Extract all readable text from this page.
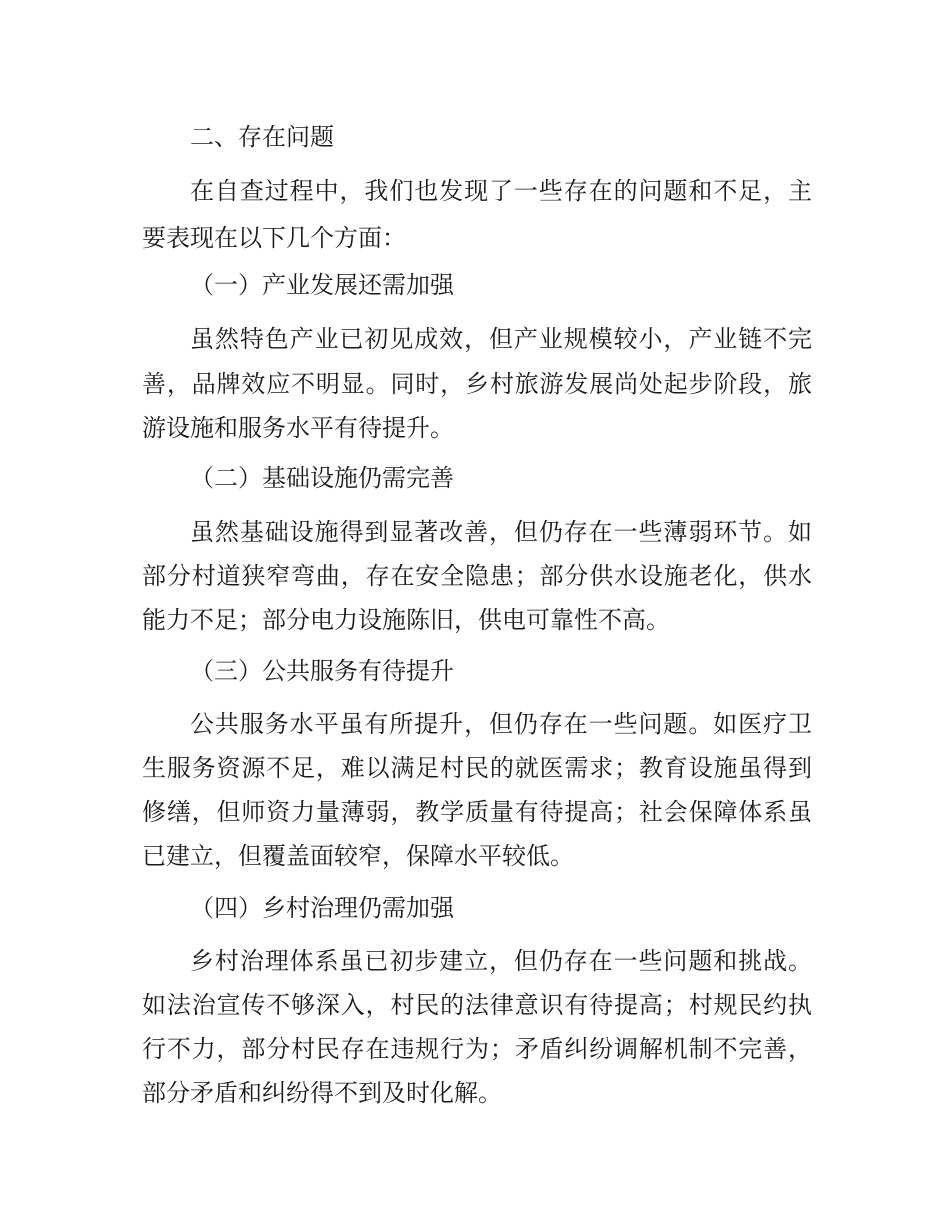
二、存在问题
在自查过程中，我们也发现了一些存在的问题和不足，主
要表现在以下几个方面：
（一）产业发展还需加强
虽然特色产业已初见成效，但产业规模较小，产业链不完
善，品牌效应不明显。同时，乡村旅游发展尚处起步阶段，旅
游设施和服务水平有待提升。
（二）基础设施仍需完善
虽然基础设施得到显著改善，但仍存在一些薄弱环节。如
部分村道狭窄弯曲，存在安全隐患；部分供水设施老化，供水
能力不足；部分电力设施陈旧，供电可靠性不高。
（三）公共服务有待提升
公共服务水平虽有所提升，但仍存在一些问题。如医疗卫
生服务资源不足，难以满足村民的就医需求；教育设施虽得到
修缮，但师资力量薄弱，教学质量有待提高；社会保障体系虽
已建立，但覆盖面较窄，保障水平较低。
（四）乡村治理仍需加强
乡村治理体系虽已初步建立，但仍存在一些问题和挑战。
如法治宣传不够深入，村民的法律意识有待提高；村规民约执
行不力，部分村民存在违规行为；矛盾纠纷调解机制不完善，
部分矛盾和纠纷得不到及时化解。
